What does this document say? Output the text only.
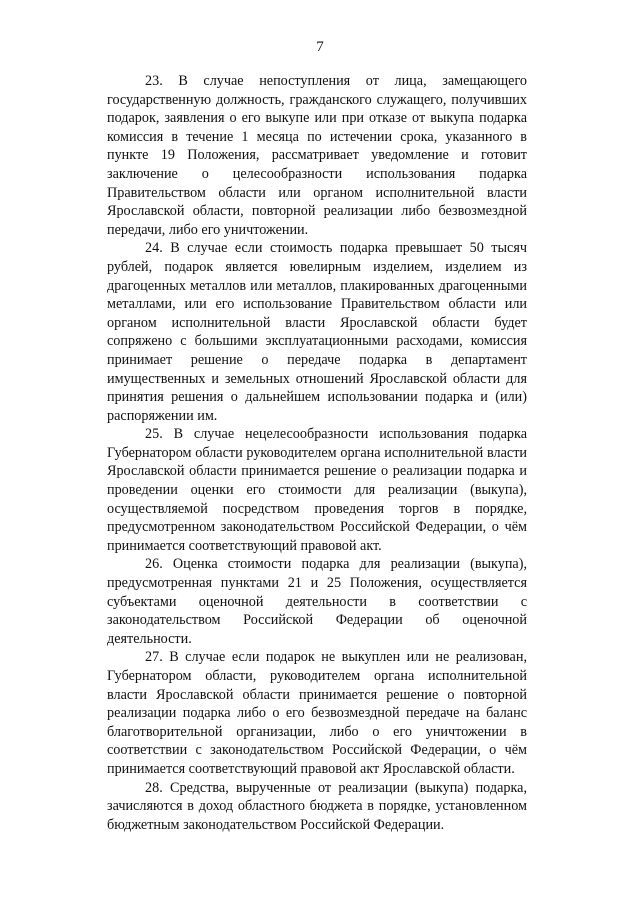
7

23. В случае непоступления от лица, замещающего государственную должность, гражданского служащего, получивших подарок, заявления о его выкупе или при отказе от выкупа подарка комиссия в течение 1 месяца по истечении срока, указанного в пункте 19 Положения, рассматривает уведомление и готовит заключение о целесообразности использования подарка Правительством области или органом исполнительной власти Ярославской области, повторной реализации либо безвозмездной передачи, либо его уничтожении.

24. В случае если стоимость подарка превышает 50 тысяч рублей, подарок является ювелирным изделием, изделием из драгоценных металлов или металлов, плакированных драгоценными металлами, или его использование Правительством области или органом исполнительной власти Ярославской области будет сопряжено с большими эксплуатационными расходами, комиссия принимает решение о передаче подарка в департамент имущественных и земельных отношений Ярославской области для принятия решения о дальнейшем использовании подарка и (или) распоряжении им.

25. В случае нецелесообразности использования подарка Губернатором области руководителем органа исполнительной власти Ярославской области принимается решение о реализации подарка и проведении оценки его стоимости для реализации (выкупа), осуществляемой посредством проведения торгов в порядке, предусмотренном законодательством Российской Федерации, о чём принимается соответствующий правовой акт.

26. Оценка стоимости подарка для реализации (выкупа), предусмотренная пунктами 21 и 25 Положения, осуществляется субъектами оценочной деятельности в соответствии с законодательством Российской Федерации об оценочной деятельности.

27. В случае если подарок не выкуплен или не реализован, Губернатором области, руководителем органа исполнительной власти Ярославской области принимается решение о повторной реализации подарка либо о его безвозмездной передаче на баланс благотворительной организации, либо о его уничтожении в соответствии с законодательством Российской Федерации, о чём принимается соответствующий правовой акт Ярославской области.

28. Средства, вырученные от реализации (выкупа) подарка, зачисляются в доход областного бюджета в порядке, установленном бюджетным законодательством Российской Федерации.
